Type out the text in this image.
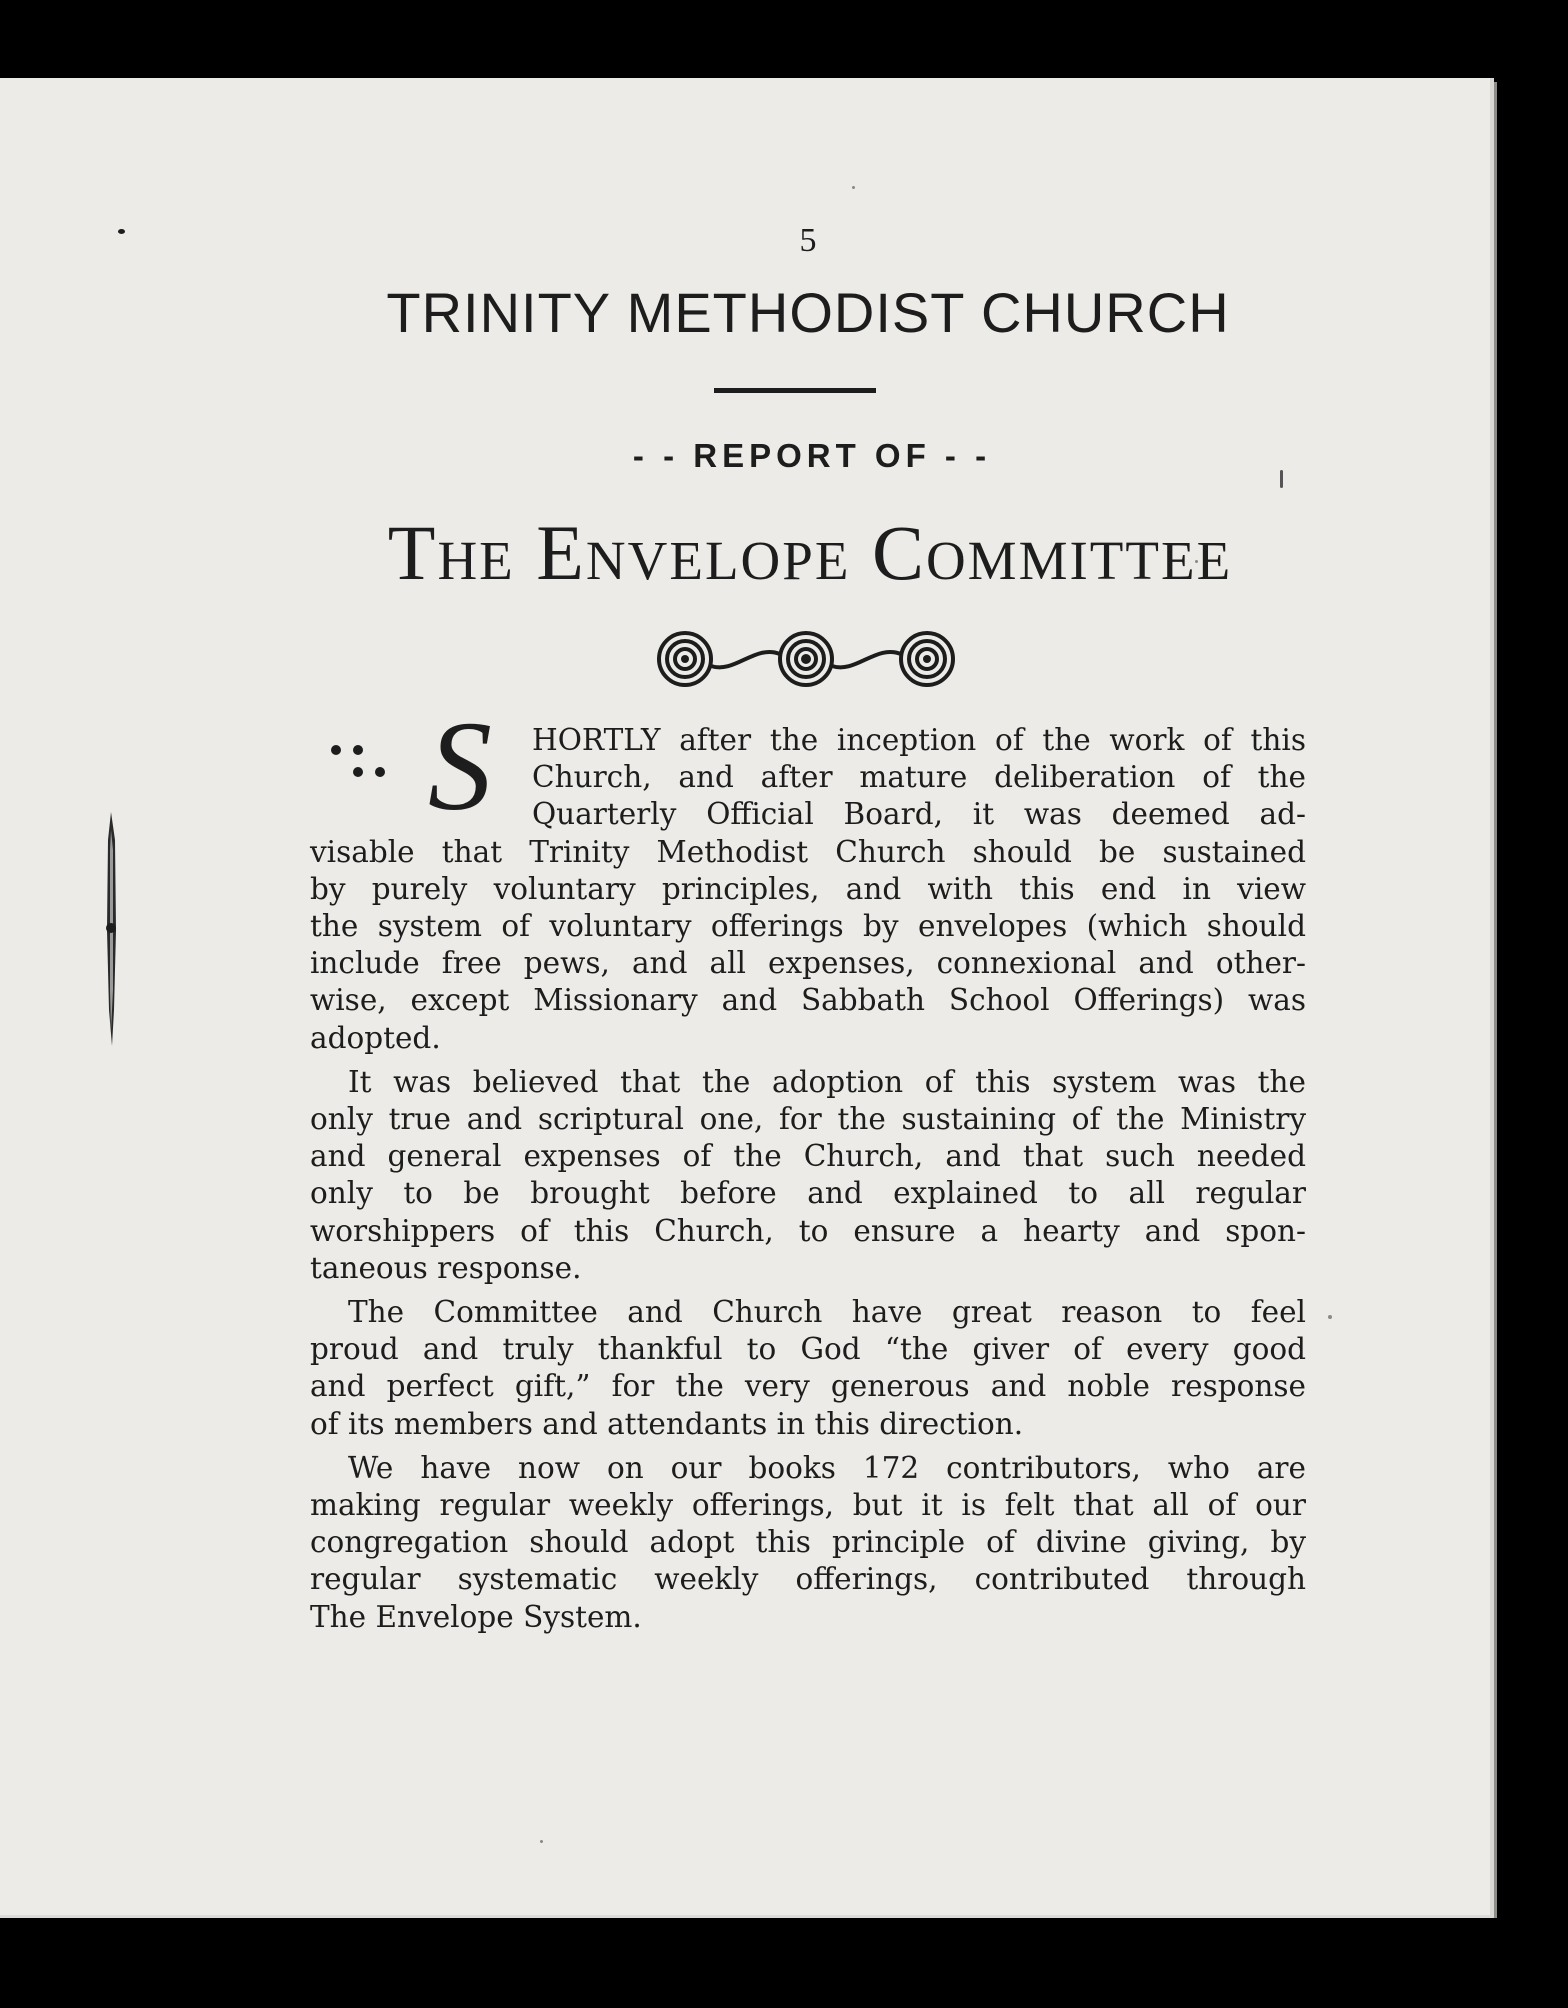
5
TRINITY METHODIST CHURCH
- - REPORT OF - -
The Envelope Committee
S	HORTLY after the inception of the work of this
Church, and after mature deliberation of the
Quarterly Official Board, it was deemed ad-
visable that Trinity Methodist Church should be sustained
by purely voluntary principles, and with this end in view
the system of voluntary offerings by envelopes (which should
include free pews, and all expenses, connexional and other-
wise, except Missionary and Sabbath School Offerings) was
adopted.

It was believed that the adoption of this system was the
only true and scriptural one, for the sustaining of the Ministry
and general expenses of the Church, and that such needed
only to be brought before and explained to all regular
worshippers of this Church, to ensure a hearty and spon-
taneous response.

The Committee and Church have great reason to feel
proud and truly thankful to God “the giver of every good
and perfect gift,” for the very generous and noble response
of its members and attendants in this direction.

We have now on our books 172 contributors, who are
making regular weekly offerings, but it is felt that all of our
congregation should adopt this principle of divine giving, by
regular systematic weekly offerings, contributed through
The Envelope System.
